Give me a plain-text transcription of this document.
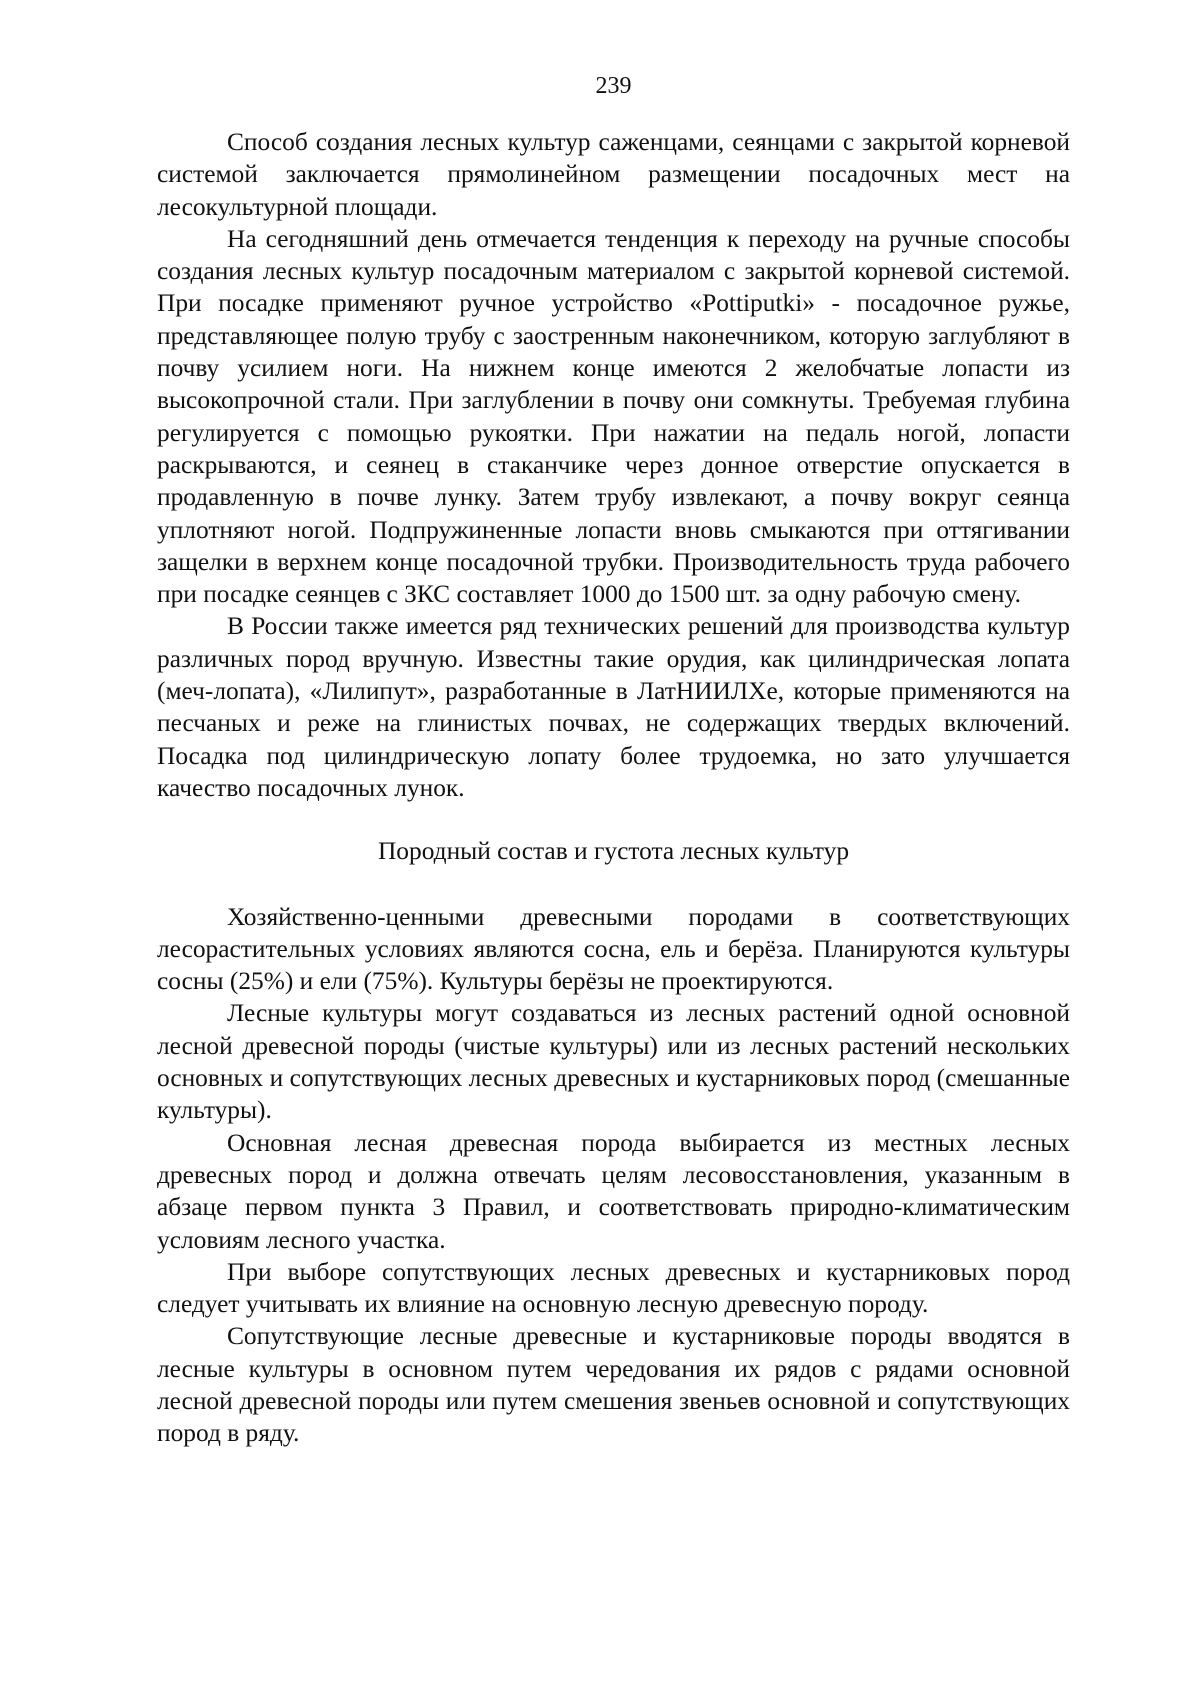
239

Способ создания лесных культур саженцами, сеянцами с закрытой корневой системой заключается прямолинейном размещении посадочных мест на лесокультурной площади.

На сегодняшний день отмечается тенденция к переходу на ручные способы создания лесных культур посадочным материалом с закрытой корневой системой. При посадке применяют ручное устройство «Pottiputki» - посадочное ружье, представляющее полую трубу с заостренным наконечником, которую заглубляют в почву усилием ноги. На нижнем конце имеются 2 желобчатые лопасти из высокопрочной стали. При заглублении в почву они сомкнуты. Требуемая глубина регулируется с помощью рукоятки. При нажатии на педаль ногой, лопасти раскрываются, и сеянец в стаканчике через донное отверстие опускается в продавленную в почве лунку. Затем трубу извлекают, а почву вокруг сеянца уплотняют ногой. Подпружиненные лопасти вновь смыкаются при оттягивании защелки в верхнем конце посадочной трубки. Производительность труда рабочего при посадке сеянцев с ЗКС составляет 1000 до 1500 шт. за одну рабочую смену.

В России также имеется ряд технических решений для производства культур различных пород вручную. Известны такие орудия, как цилиндрическая лопата (меч-лопата), «Лилипут», разработанные в ЛатНИИЛХе, которые применяются на песчаных и реже на глинистых почвах, не содержащих твердых включений. Посадка под цилиндрическую лопату более трудоемка, но зато улучшается качество посадочных лунок.

Породный состав и густота лесных культур

Хозяйственно-ценными древесными породами в соответствующих лесорастительных условиях являются сосна, ель и берёза. Планируются культуры сосны (25%) и ели (75%). Культуры берёзы не проектируются.

Лесные культуры могут создаваться из лесных растений одной основной лесной древесной породы (чистые культуры) или из лесных растений нескольких основных и сопутствующих лесных древесных и кустарниковых пород (смешанные культуры).

Основная лесная древесная порода выбирается из местных лесных древесных пород и должна отвечать целям лесовосстановления, указанным в абзаце первом пункта 3 Правил, и соответствовать природно-климатическим условиям лесного участка.

При выборе сопутствующих лесных древесных и кустарниковых пород следует учитывать их влияние на основную лесную древесную породу.

Сопутствующие лесные древесные и кустарниковые породы вводятся в лесные культуры в основном путем чередования их рядов с рядами основной лесной древесной породы или путем смешения звеньев основной и сопутствующих пород в ряду.
